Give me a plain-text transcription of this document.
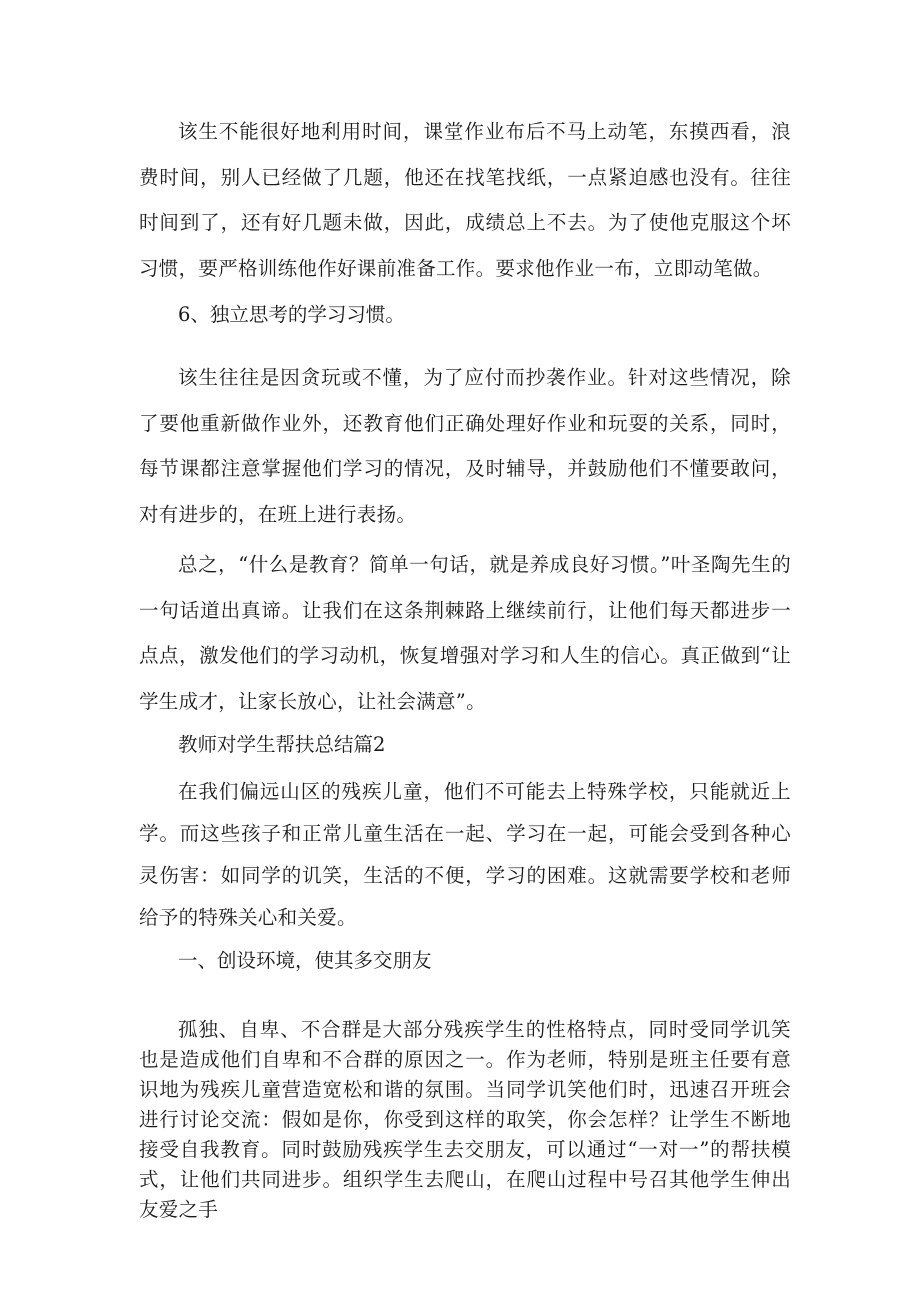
该生不能很好地利用时间，课堂作业布后不马上动笔，东摸西看，浪费时间，别人已经做了几题，他还在找笔找纸，一点紧迫感也没有。往往时间到了，还有好几题未做，因此，成绩总上不去。为了使他克服这个坏习惯，要严格训练他作好课前准备工作。要求他作业一布，立即动笔做。

6、独立思考的学习习惯。

该生往往是因贪玩或不懂，为了应付而抄袭作业。针对这些情况，除了要他重新做作业外，还教育他们正确处理好作业和玩耍的关系，同时，每节课都注意掌握他们学习的情况，及时辅导，并鼓励他们不懂要敢问，对有进步的，在班上进行表扬。

总之，“什么是教育？简单一句话，就是养成良好习惯。”叶圣陶先生的一句话道出真谛。让我们在这条荆棘路上继续前行，让他们每天都进步一点点，激发他们的学习动机，恢复增强对学习和人生的信心。真正做到“让学生成才，让家长放心，让社会满意”。

教师对学生帮扶总结篇2

在我们偏远山区的残疾儿童，他们不可能去上特殊学校，只能就近上学。而这些孩子和正常儿童生活在一起、学习在一起，可能会受到各种心灵伤害：如同学的讥笑，生活的不便，学习的困难。这就需要学校和老师给予的特殊关心和关爱。

一、创设环境，使其多交朋友

孤独、自卑、不合群是大部分残疾学生的性格特点，同时受同学讥笑也是造成他们自卑和不合群的原因之一。作为老师，特别是班主任要有意识地为残疾儿童营造宽松和谐的氛围。当同学讥笑他们时，迅速召开班会进行讨论交流：假如是你，你受到这样的取笑，你会怎样？让学生不断地接受自我教育。同时鼓励残疾学生去交朋友，可以通过“一对一”的帮扶模式，让他们共同进步。组织学生去爬山，在爬山过程中号召其他学生伸出友爱之手
